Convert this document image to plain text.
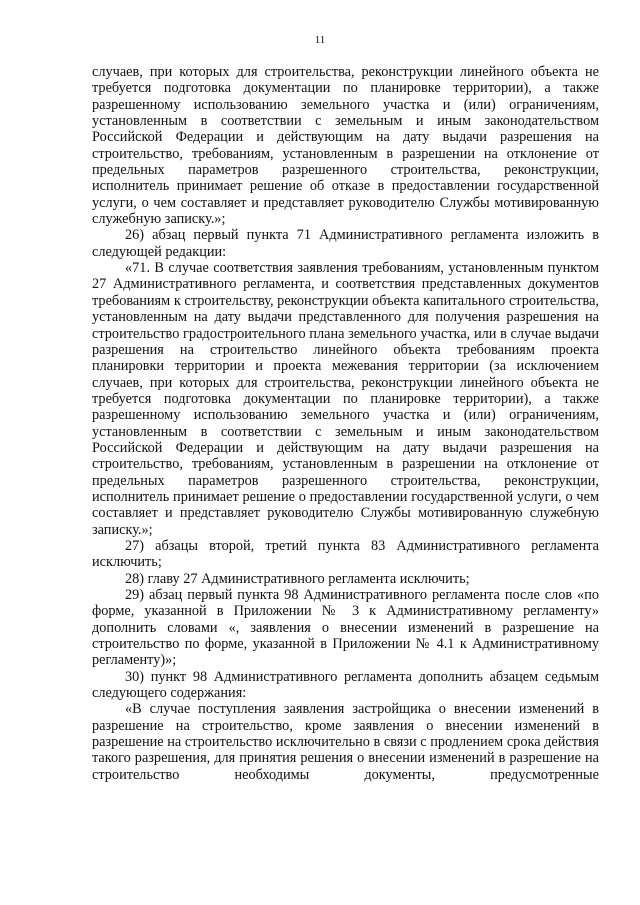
11

случаев, при которых для строительства, реконструкции линейного объекта не требуется подготовка документации по планировке территории), а также разрешенному использованию земельного участка и (или) ограничениям, установленным в соответствии с земельным и иным законодательством Российской Федерации и действующим на дату выдачи разрешения на строительство, требованиям, установленным в разрешении на отклонение от предельных параметров разрешенного строительства, реконструкции, исполнитель принимает решение об отказе в предоставлении государственной услуги, о чем составляет и представляет руководителю Службы мотивированную служебную записку.»;

26) абзац первый пункта 71 Административного регламента изложить в следующей редакции:

«71. В случае соответствия заявления требованиям, установленным пунктом 27 Административного регламента, и соответствия представленных документов требованиям к строительству, реконструкции объекта капитального строительства, установленным на дату выдачи представленного для получения разрешения на строительство градостроительного плана земельного участка, или в случае выдачи разрешения на строительство линейного объекта требованиям проекта планировки территории и проекта межевания территории (за исключением случаев, при которых для строительства, реконструкции линейного объекта не требуется подготовка документации по планировке территории), а также разрешенному использованию земельного участка и (или) ограничениям, установленным в соответствии с земельным и иным законодательством Российской Федерации и действующим на дату выдачи разрешения на строительство, требованиям, установленным в разрешении на отклонение от предельных параметров разрешенного строительства, реконструкции, исполнитель принимает решение о предоставлении государственной услуги, о чем составляет и представляет руководителю Службы мотивированную служебную записку.»;

27) абзацы второй, третий пункта 83 Административного регламента исключить;

28) главу 27 Административного регламента исключить;

29) абзац первый пункта 98 Административного регламента после слов «по форме, указанной в Приложении № 3 к Административному регламенту» дополнить словами «, заявления о внесении изменений в разрешение на строительство по форме, указанной в Приложении № 4.1 к Административному регламенту)»;

30) пункт 98 Административного регламента дополнить абзацем седьмым следующего содержания:

«В случае поступления заявления застройщика о внесении изменений в разрешение на строительство, кроме заявления о внесении изменений в разрешение на строительство исключительно в связи с продлением срока действия такого разрешения, для принятия решения о внесении изменений в разрешение на строительство необходимы документы, предусмотренные
